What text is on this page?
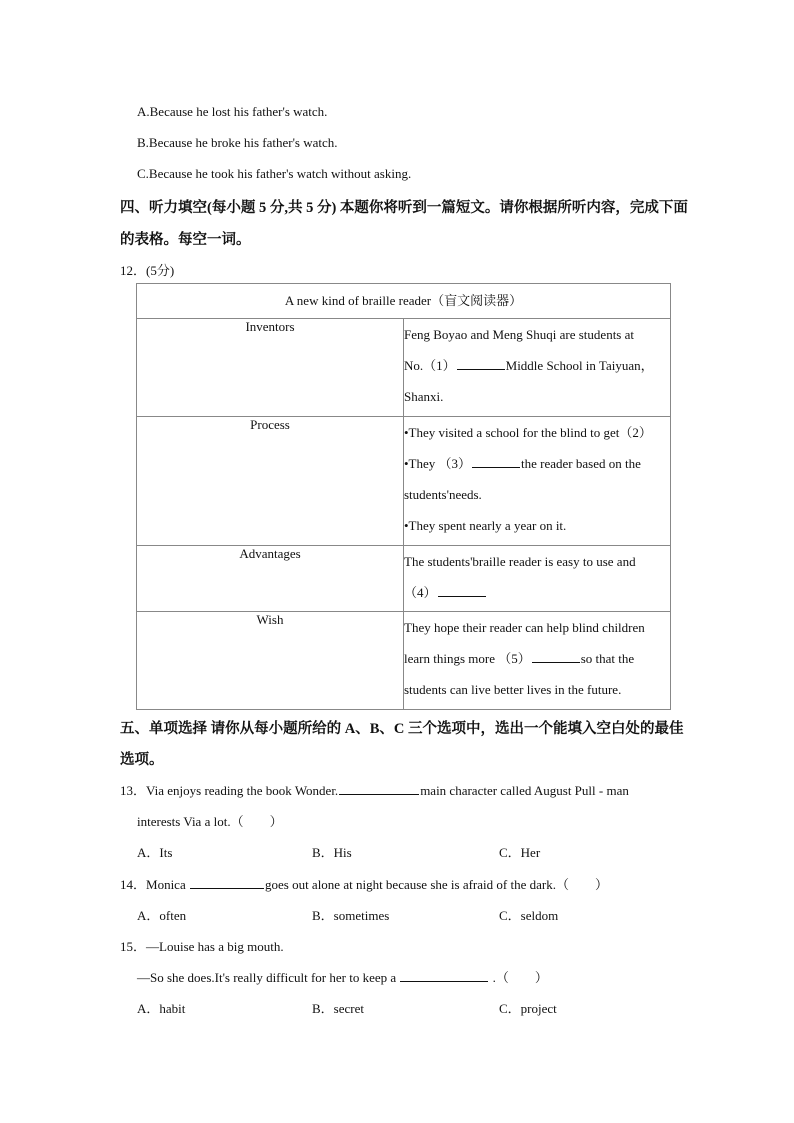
A.Because he lost his father's watch.
B.Because he broke his father's watch.
C.Because he took his father's watch without asking.
四、听力填空(每小题 5 分,共 5 分) 本题你将听到一篇短文。请你根据所听内容，完成下面
的表格。每空一词。
12．(5分)
A new kind of braille reader（盲文阅读器）	
Inventors	Feng Boyao and Meng Shuqi are students at
No.（1） Middle School in Taiyuan，
Shanxi.

Process	•They visited a school for the blind to get（2）
•They （3） the reader based on the
students'needs.
•They spent nearly a year on it.

Advantages	The students'braille reader is easy to use and
（4）

Wish	They hope their reader can help blind children
learn things more （5） so that the
students can live better lives in the future.
五、单项选择 请你从每小题所给的 A、B、C 三个选项中，选出一个能填入空白处的最佳
选项。
13．Via enjoys reading the book Wonder.	main character called August Pull - man
interests Via a lot.（　　）
A．Its	B．His	C．Her
14．Monica	goes out alone at night because she is afraid of the dark.（　　）
A．often	B．sometimes	C．seldom
15．—Louise has a big mouth.
—So she does.It's really difficult for her to keep a	.（　　）
A．habit	B．secret	C．project
